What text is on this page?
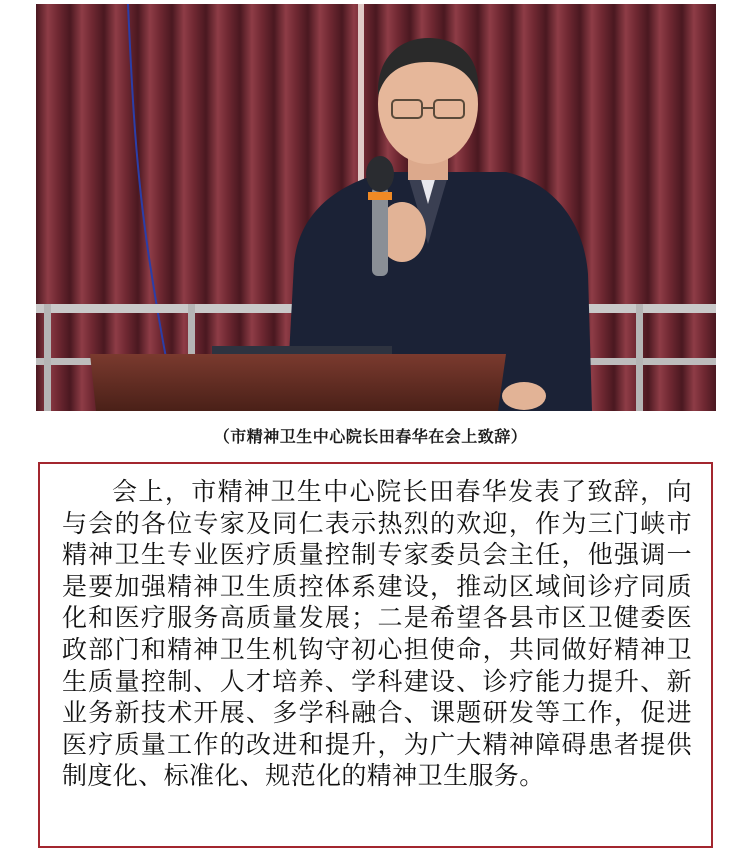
（市精神卫生中心院长田春华在会上致辞）

会上，市精神卫生中心院长田春华发表了致辞，向与会的各位专家及同仁表示热烈的欢迎，作为三门峡市精神卫生专业医疗质量控制专家委员会主任，他强调一是要加强精神卫生质控体系建设，推动区域间诊疗同质化和医疗服务高质量发展；二是希望各县市区卫健委医政部门和精神卫生机钩守初心担使命，共同做好精神卫生质量控制、人才培养、学科建设、诊疗能力提升、新业务新技术开展、多学科融合、课题研发等工作，促进医疗质量工作的改进和提升，为广大精神障碍患者提供制度化、标准化、规范化的精神卫生服务。
